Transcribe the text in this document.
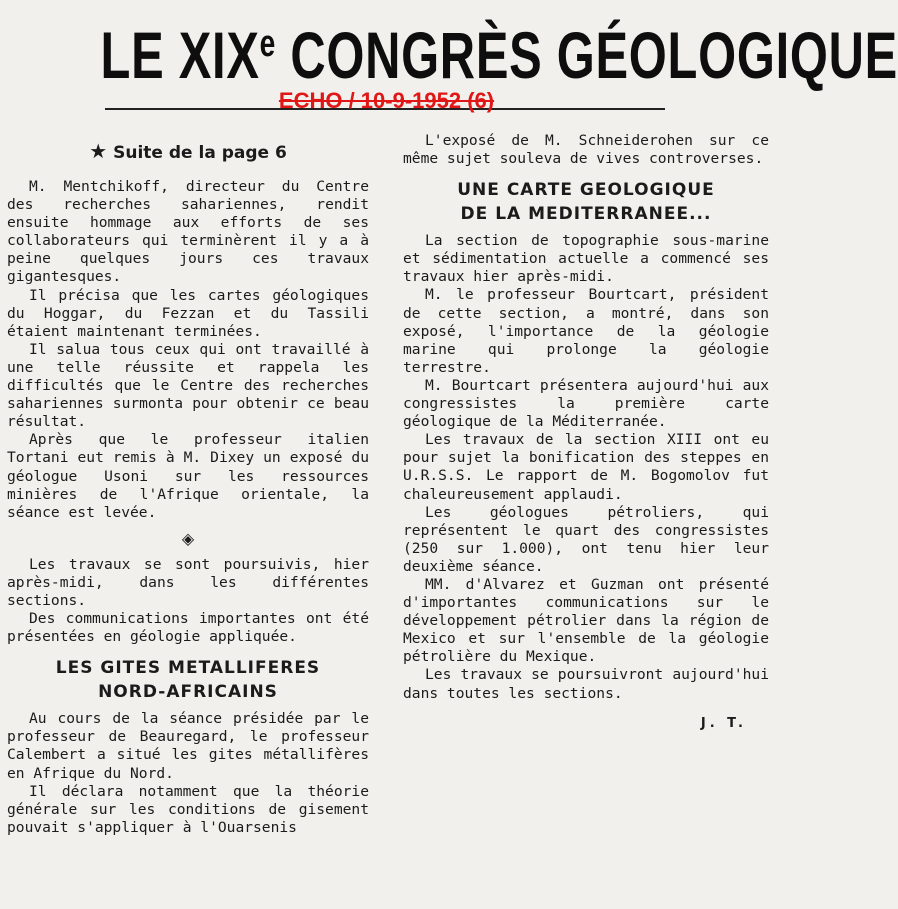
LE XIXe CONGRÈS GÉOLOGIQUE
ECHO / 10-9-1952 (6)
★ Suite de la page 6

M. Mentchikoff, directeur du Centre des recherches sahariennes, rendit ensuite hommage aux efforts de ses collaborateurs qui terminèrent il y a à peine quelques jours ces travaux gigantesques.

Il précisa que les cartes géologiques du Hoggar, du Fezzan et du Tassili étaient maintenant terminées.

Il salua tous ceux qui ont travaillé à une telle réussite et rappela les difficultés que le Centre des recherches sahariennes surmonta pour obtenir ce beau résultat.

Après que le professeur italien Tortani eut remis à M. Dixey un exposé du géologue Usoni sur les ressources minières de l'Afrique orientale, la séance est levée.

◈

Les travaux se sont poursuivis, hier après-midi, dans les différentes sections.

Des communications importantes ont été présentées en géologie appliquée.

LES GITES METALLIFERES
NORD-AFRICAINS

Au cours de la séance présidée par le professeur de Beauregard, le professeur Calembert a situé les gites métallifères en Afrique du Nord.

Il déclara notamment que la théorie générale sur les conditions de gisement pouvait s'appliquer à l'Ouarsenis

L'exposé de M. Schneiderohen sur ce même sujet souleva de vives controverses.

UNE CARTE GEOLOGIQUE
DE LA MEDITERRANEE...

La section de topographie sous-marine et sédimentation actuelle a commencé ses travaux hier après-midi.

M. le professeur Bourtcart, président de cette section, a montré, dans son exposé, l'importance de la géologie marine qui prolonge la géologie terrestre.

M. Bourtcart présentera aujourd'hui aux congressistes la première carte géologique de la Méditerranée.

Les travaux de la section XIII ont eu pour sujet la bonification des steppes en U.R.S.S. Le rapport de M. Bogomolov fut chaleureusement applaudi.

Les géologues pétroliers, qui représentent le quart des congressistes (250 sur 1.000), ont tenu hier leur deuxième séance.

MM. d'Alvarez et Guzman ont présenté d'importantes communications sur le développement pétrolier dans la région de Mexico et sur l'ensemble de la géologie pétrolière du Mexique.

Les travaux se poursuivront aujourd'hui dans toutes les sections.

J. T.
